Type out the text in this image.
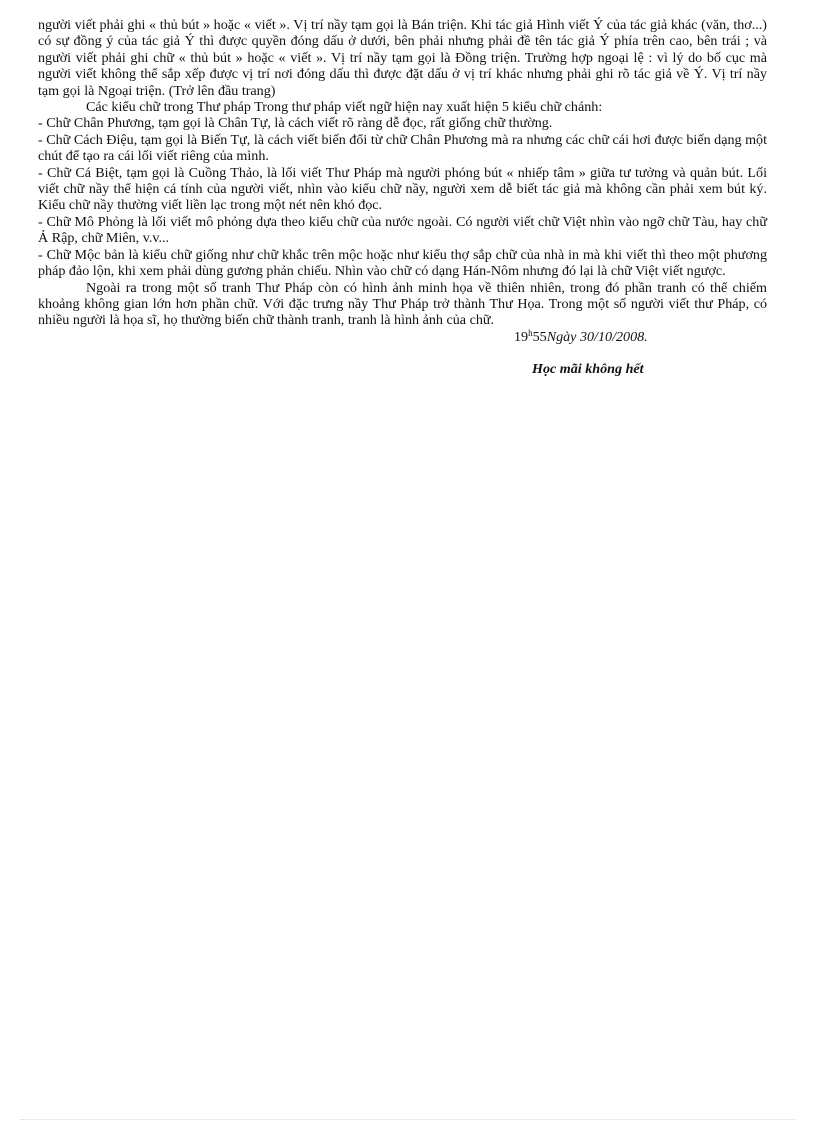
người viết phải ghi « thủ bút » hoặc « viết ». Vị trí nầy tạm gọi là Bán triện. Khi tác giả Hình viết Ý của tác giả khác (văn, thơ...) có sự đồng ý của tác giả Ý thì được quyền đóng dấu ở dưới, bên phải nhưng phải đề tên tác giả Ý phía trên cao, bên trái ; và người viết phải ghi chữ « thủ bút » hoặc « viết ». Vị trí nầy tạm gọi là Đồng triện. Trường hợp ngoại lệ : vì lý do bố cục mà người viết không thể sắp xếp được vị trí nơi đóng dấu thì được đặt dấu ở vị trí khác nhưng phải ghi rõ tác giả về Ý. Vị trí nầy tạm gọi là Ngoại triện. (Trở lên đầu trang)

Các kiểu chữ trong Thư pháp Trong thư pháp viết ngữ hiện nay xuất hiện 5 kiểu chữ chánh:

- Chữ Chân Phương, tạm gọi là Chân Tự, là cách viết rõ ràng dễ đọc, rất giống chữ thường.

- Chữ Cách Điệu, tạm gọi là Biến Tự, là cách viết biến đổi từ chữ Chân Phương mà ra nhưng các chữ cái hơi được biến dạng một chút để tạo ra cái lối viết riêng của mình.

- Chữ Cá Biệt, tạm gọi là Cuồng Thảo, là lối viết Thư Pháp mà người phóng bút « nhiếp tâm » giữa tư tưởng và quản bút. Lối viết chữ nầy thể hiện cá tính của người viết, nhìn vào kiểu chữ nầy, người xem dễ biết tác giả mà không cần phải xem bút ký. Kiểu chữ nầy thường viết liền lạc trong một nét nên khó đọc.

- Chữ Mô Phỏng là lối viết mô phỏng dựa theo kiểu chữ của nước ngoài. Có người viết chữ Việt nhìn vào ngỡ chữ Tàu, hay chữ Ả Rập, chữ Miên, v.v...

- Chữ Mộc bản là kiểu chữ giống như chữ khắc trên mộc hoặc như kiểu thợ sắp chữ của nhà in mà khi viết thì theo một phương pháp đảo lộn, khi xem phải dùng gương phản chiếu. Nhìn vào chữ có dạng Hán-Nôm nhưng đó lại là chữ Việt viết ngược.

Ngoài ra trong một số tranh Thư Pháp còn có hình ảnh minh họa về thiên nhiên, trong đó phần tranh có thể chiếm khoảng không gian lớn hơn phần chữ. Với đặc trưng nầy Thư Pháp trở thành Thư Họa. Trong một số người viết thư Pháp, có nhiều người là họa sĩ, họ thường biến chữ thành tranh, tranh là hình ảnh của chữ.

19$^h$55Ngày 30/10/2008.

Học mãi không hết
